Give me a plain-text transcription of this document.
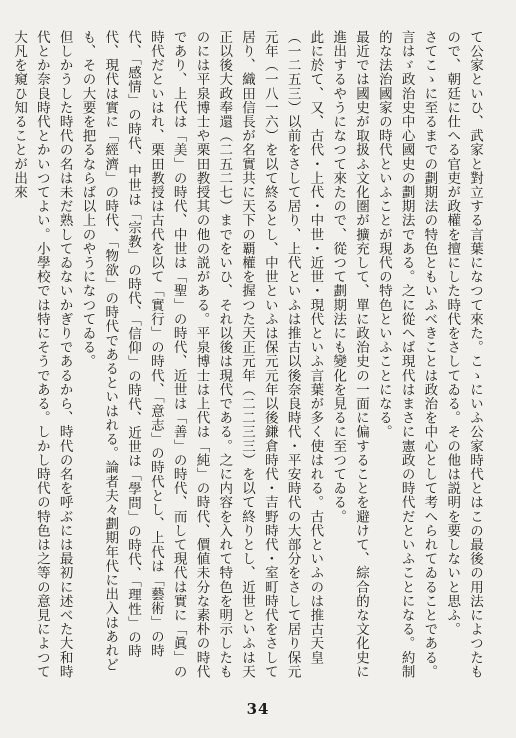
て公家といひ、武家と對立する言葉になつて來た。こゝにいふ公家時代とはこの最後の用法によつたもので、朝廷に仕へる官吏が政權を擅にした時代をさしてゐる。その他は説明を要しないと思ふ。

さてこゝに至るまでの劃期法の特色ともいふべきことは政治を中心として考へられてゐることである。言はゞ政治史中心國史の劃期法である。之に從へば現代はまさに憲政の時代だといふことになる。約制的な法治國家の時代といふことが現代の特色といふことになる。

最近では國史が取扱ふ文化圏が擴充して、單に政治史の一面に偏することを避けて、綜合的な文化史に進出するやうになつて來たので、從つて劃期法にも變化を見るに至つてゐる。

此に於て、又、古代・上代・中世・近世・現代といふ言葉が多く使はれる。古代といふのは推古天皇（一二五三）以前をさして居り、上代といふは推古以後奈良時代・平安時代の大部分をさして居り保元元年（一八一六）を以て終るとし、中世といふは保元元年以後鎌倉時代・吉野時代・室町時代をさして居り、織田信長が名實共に天下の覇權を握つた天正元年（二二三三）を以て終りとし、近世といふは天正以後大政奉還（二五二七）までをいひ、それ以後は現代である。之に内容を入れて特色を明示したものには平泉博士や栗田教授其の他の説がある。平泉博士は上代は「純」の時代、價値未分な素朴の時代であり、上代は「美」の時代、中世は「聖」の時代、近世は「善」の時代、而して現代は實に「眞」の時代だといはれ、栗田教授は古代を以て「實行」の時代、「意志」の時代とし、上代は「藝術」の時代、「感情」の時代、中世は「宗教」の時代、「信仰」の時代、近世は「學問」の時代、「理性」の時代、現代は實に「經濟」の時代、「物欲」の時代であるといはれる。論者夫々劃期年代に出入はあれども、その大要を把るならば以上のやうになつてゐる。

但しかうした時代の名は未だ熟してゐないかぎりであるから、時代の名を呼ぶには最初に述べた大和時代とか奈良時代とかいつてよい。小學校では特にそうである。しかし時代の特色は之等の意見によつて大凡を窺ひ知ることが出來

34
